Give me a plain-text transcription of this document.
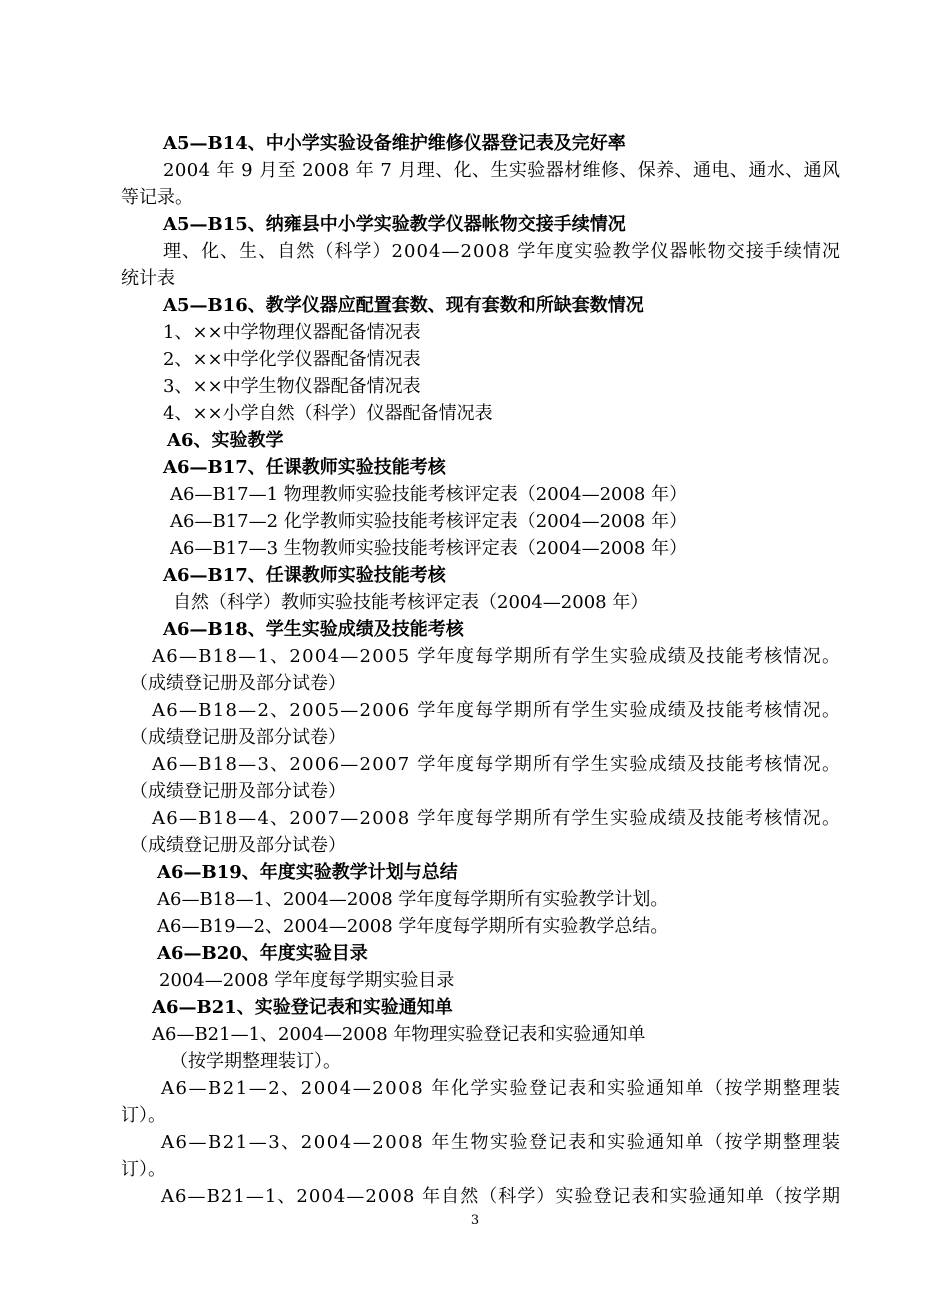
A5—B14、中小学实验设备维护维修仪器登记表及完好率
2004 年 9 月至 2008 年 7 月理、化、生实验器材维修、保养、通电、通水、通风
等记录。
A5—B15、纳雍县中小学实验教学仪器帐物交接手续情况
理、化、生、自然（科学）2004—2008 学年度实验教学仪器帐物交接手续情况
统计表
A5—B16、教学仪器应配置套数、现有套数和所缺套数情况
1、××中学物理仪器配备情况表
2、××中学化学仪器配备情况表
3、××中学生物仪器配备情况表
4、××小学自然（科学）仪器配备情况表
A6、实验教学
A6—B17、任课教师实验技能考核
A6—B17—1 物理教师实验技能考核评定表（2004—2008 年）
A6—B17—2 化学教师实验技能考核评定表（2004—2008 年）
A6—B17—3 生物教师实验技能考核评定表（2004—2008 年）
A6—B17、任课教师实验技能考核
自然（科学）教师实验技能考核评定表（2004—2008 年）
A6—B18、学生实验成绩及技能考核
A6—B18—1、2004—2005 学年度每学期所有学生实验成绩及技能考核情况。
（成绩登记册及部分试卷）
A6—B18—2、2005—2006 学年度每学期所有学生实验成绩及技能考核情况。
（成绩登记册及部分试卷）
A6—B18—3、2006—2007 学年度每学期所有学生实验成绩及技能考核情况。
（成绩登记册及部分试卷）
A6—B18—4、2007—2008 学年度每学期所有学生实验成绩及技能考核情况。
（成绩登记册及部分试卷）
A6—B19、年度实验教学计划与总结
A6—B18—1、2004—2008 学年度每学期所有实验教学计划。
A6—B19—2、2004—2008 学年度每学期所有实验教学总结。
A6—B20、年度实验目录
2004—2008 学年度每学期实验目录
A6—B21、实验登记表和实验通知单
A6—B21—1、2004—2008 年物理实验登记表和实验通知单
（按学期整理装订）。
A6—B21—2、2004—2008 年化学实验登记表和实验通知单（按学期整理装
订）。
A6—B21—3、2004—2008 年生物实验登记表和实验通知单（按学期整理装
订）。
A6—B21—1、2004—2008 年自然（科学）实验登记表和实验通知单（按学期
3
